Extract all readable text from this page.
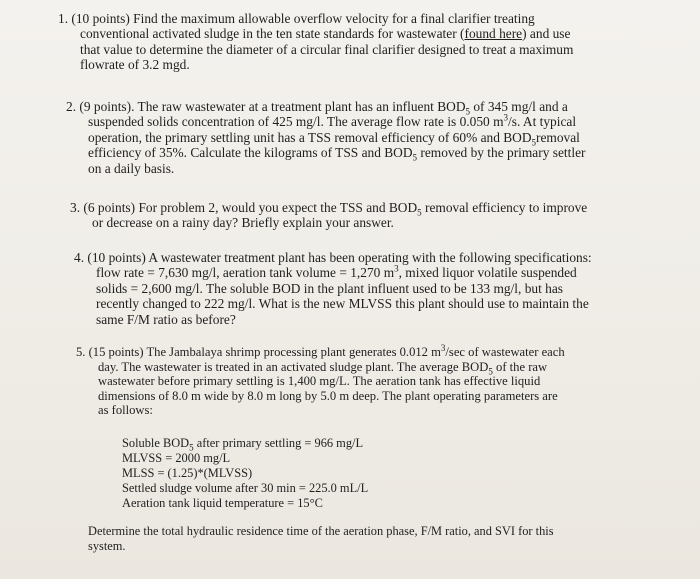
1. (10 points) Find the maximum allowable overflow velocity for a final clarifier treating
conventional activated sludge in the ten state standards for wastewater (found here) and use
that value to determine the diameter of a circular final clarifier designed to treat a maximum
flowrate of 3.2 mgd.
2. (9 points). The raw wastewater at a treatment plant has an influent $BOD_5$ of 345 mg/l and a
suspended solids concentration of 425 mg/l. The average flow rate is 0.050 $m^3/s$. At typical
operation, the primary settling unit has a TSS removal efficiency of 60% and $BOD_5removal$
efficiency of 35%. Calculate the kilograms of TSS and $BOD_5$ removed by the primary settler
on a daily basis.
3. (6 points) For problem 2, would you expect the TSS and $BOD_5$ removal efficiency to improve
or decrease on a rainy day? Briefly explain your answer.
4. (10 points) A wastewater treatment plant has been operating with the following specifications:
flow rate = 7,630 mg/l, aeration tank volume = 1,270 $m^3$, mixed liquor volatile suspended
solids = 2,600 mg/l. The soluble BOD in the plant influent used to be 133 mg/l, but has
recently changed to 222 mg/l. What is the new MLVSS this plant should use to maintain the
same F/M ratio as before?
5. (15 points) The Jambalaya shrimp processing plant generates 0.012 $m^3/\sec$ of wastewater each
day. The wastewater is treated in an activated sludge plant. The average $BOD_5$ of the raw
wastewater before primary settling is 1,400 mg/L. The aeration tank has effective liquid
dimensions of 8.0 m wide by 8.0 m long by 5.0 m deep. The plant operating parameters are
as follows:
Soluble $BOD_5$ after primary settling = 966 mg/L
MLVSS = 2000 mg/L
MLSS = (1.25)*(MLVSS)
Settled sludge volume after 30 min = 225.0 mL/L
Aeration tank liquid temperature = 15°C
Determine the total hydraulic residence time of the aeration phase, F/M ratio, and SVI for this
system.
